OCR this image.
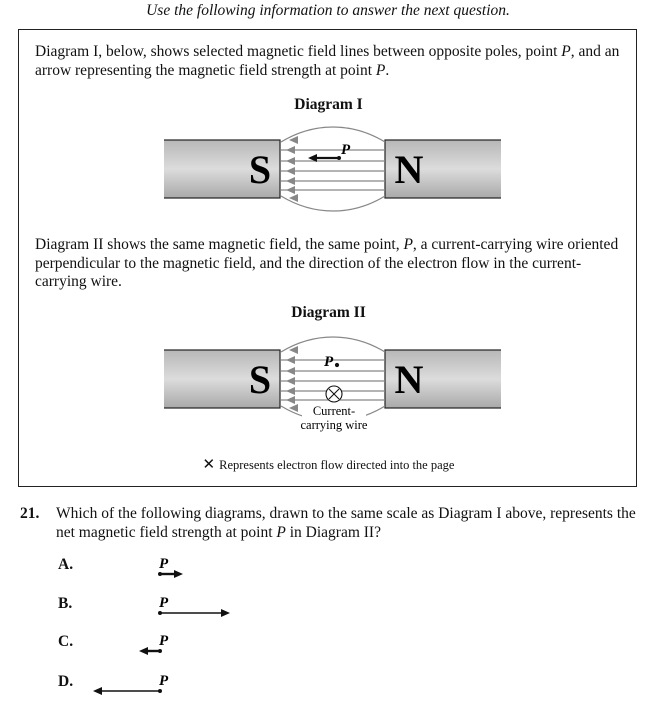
Use the following information to answer the next question.
Diagram I, below, shows selected magnetic field lines between opposite poles, point P, and an arrow representing the magnetic field strength at point P.
Diagram I
S	N
P
Diagram II shows the same magnetic field, the same point, P, a current-carrying wire oriented perpendicular to the magnetic field, and the direction of the electron flow in the current-carrying wire.
Diagram II
S	N
P
Current-
carrying wire
✕ Represents electron flow directed into the page
21. Which of the following diagrams, drawn to the same scale as Diagram I above, represents the net magnetic field strength at point P in Diagram II?
A.	P
B.	P
C.	P
D.	P
